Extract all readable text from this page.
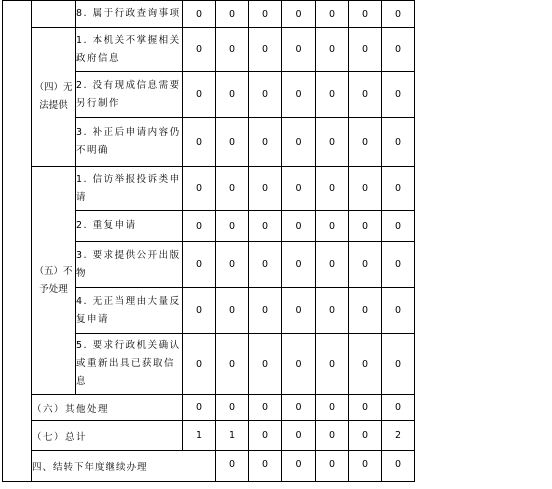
		8. 属于行政查询事项	0	0	0	0	0	0	0	
	（四）无法提供	1. 本机关不掌握相关政府信息	0	0	0	0	0	0	0	
		2. 没有现成信息需要另行制作	0	0	0	0	0	0	0	
		3. 补正后申请内容仍不明确	0	0	0	0	0	0	0	
	（五）不予处理	1. 信访举报投诉类申请	0	0	0	0	0	0	0	
		2. 重复申请	0	0	0	0	0	0	0	
		3. 要求提供公开出版物	0	0	0	0	0	0	0	
		4. 无正当理由大量反复申请	0	0	0	0	0	0	0	
		5. 要求行政机关确认或重新出具已获取信息	0	0	0	0	0	0	0	
	（六）其他处理		0	0	0	0	0	0	0	
	（七）总计		1	1	0	0	0	0	2	
	四、结转下年度继续办理			0	0	0	0	0	0	
